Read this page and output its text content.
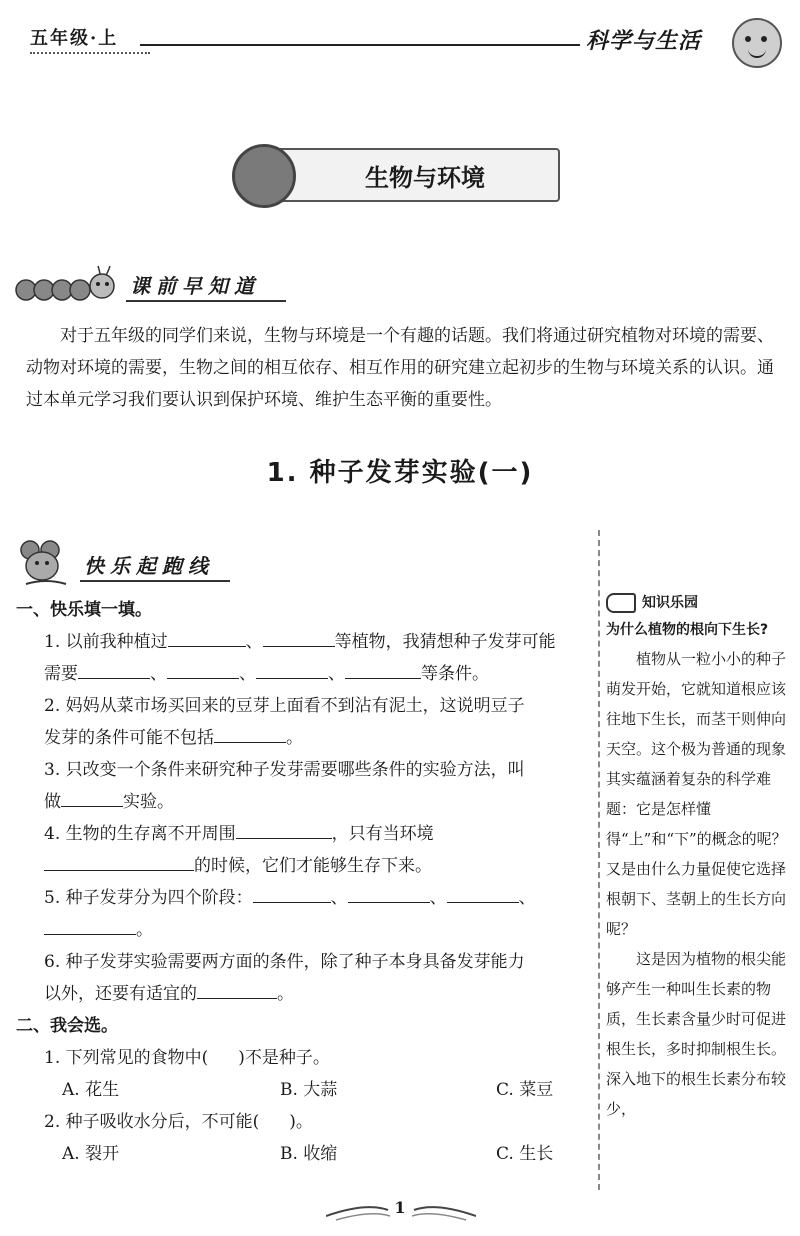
五年级·上	科学与生活
生物与环境
课前早知道

对于五年级的同学们来说，生物与环境是一个有趣的话题。我们将通过研究植物对环境的需要、动物对环境的需要，生物之间的相互依存、相互作用的研究建立起初步的生物与环境关系的认识。通过本单元学习我们要认识到保护环境、维护生态平衡的重要性。

1. 种子发芽实验(一)
快乐起跑线
一、快乐填一填。
1. 以前我种植过	、	等植物，我猜想种子发芽可能
需要	、	、	、	等条件。
2. 妈妈从菜市场买回来的豆芽上面看不到沾有泥土，这说明豆子
发芽的条件可能不包括	。
3. 只改变一个条件来研究种子发芽需要哪些条件的实验方法，叫
做	实验。
4. 生物的生存离不开周围	，只有当环境
的时候，它们才能够生存下来。
5. 种子发芽分为四个阶段：	、	、	、
。
6. 种子发芽实验需要两方面的条件，除了种子本身具备发芽能力
以外，还要有适宜的	。
二、我会选。
1. 下列常见的食物中( )不是种子。
A. 花生	B. 大蒜	C. 菜豆
2. 种子吸收水分后，不可能( )。
A. 裂开	B. 收缩	C. 生长
知识乐园
为什么植物的根向下生长?

植物从一粒小小的种子萌发开始，它就知道根应该往地下生长，而茎干则伸向天空。这个极为普通的现象其实蕴涵着复杂的科学难题：它是怎样懂得“上”和“下”的概念的呢？又是由什么力量促使它选择根朝下、茎朝上的生长方向呢？

这是因为植物的根尖能够产生一种叫生长素的物质，生长素含量少时可促进根生长，多时抑制根生长。深入地下的根生长素分布较少，

1
